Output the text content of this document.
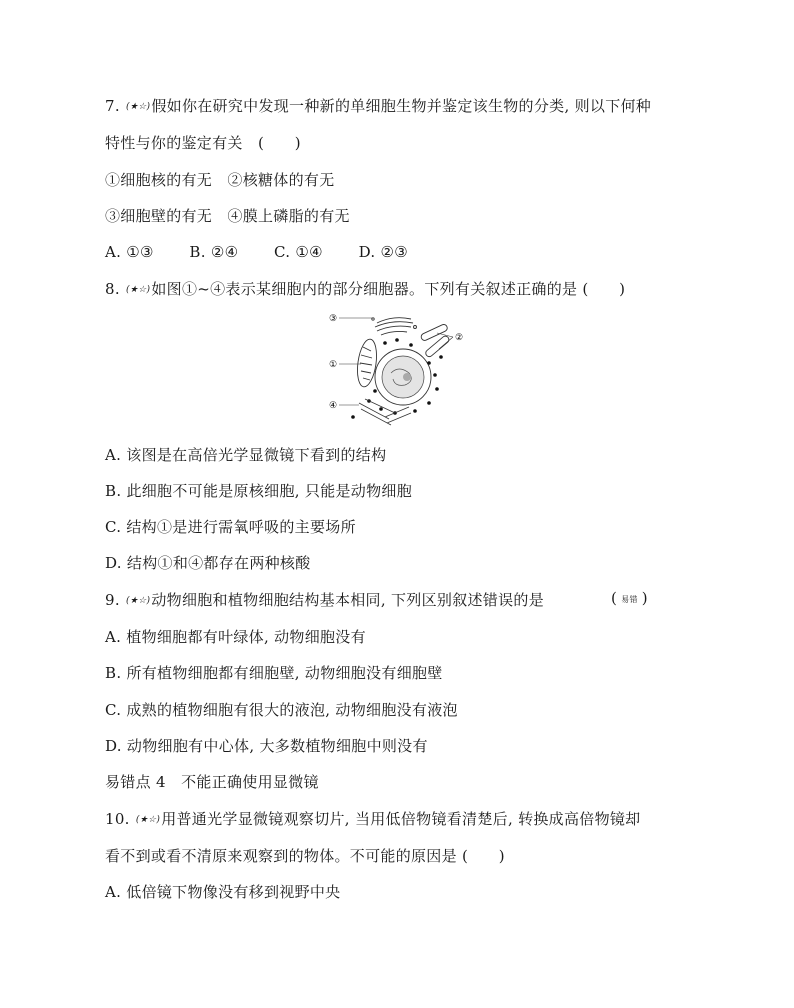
7. (★☆)假如你在研究中发现一种新的单细胞生物并鉴定该生物的分类, 则以下何种
特性与你的鉴定有关　(　　)
①细胞核的有无　②核糖体的有无
③细胞壁的有无　④膜上磷脂的有无
A. ①③　　 B. ②④　　 C. ①④　　 D. ②③
8. (★☆)如图①~④表示某细胞内的部分细胞器。下列有关叙述正确的是 (　　)
③
②
①
④
A. 该图是在高倍光学显微镜下看到的结构
B. 此细胞不可能是原核细胞, 只能是动物细胞
C. 结构①是进行需氧呼吸的主要场所
D. 结构①和④都存在两种核酸
9. (★☆)动物细胞和植物细胞结构基本相同, 下列区别叙述错误的是	( 易错 )
A. 植物细胞都有叶绿体, 动物细胞没有
B. 所有植物细胞都有细胞壁, 动物细胞没有细胞壁
C. 成熟的植物细胞有很大的液泡, 动物细胞没有液泡
D. 动物细胞有中心体, 大多数植物细胞中则没有
易错点 4　不能正确使用显微镜
10. (★☆)用普通光学显微镜观察切片, 当用低倍物镜看清楚后, 转换成高倍物镜却
看不到或看不清原来观察到的物体。不可能的原因是 (　　)
A. 低倍镜下物像没有移到视野中央
